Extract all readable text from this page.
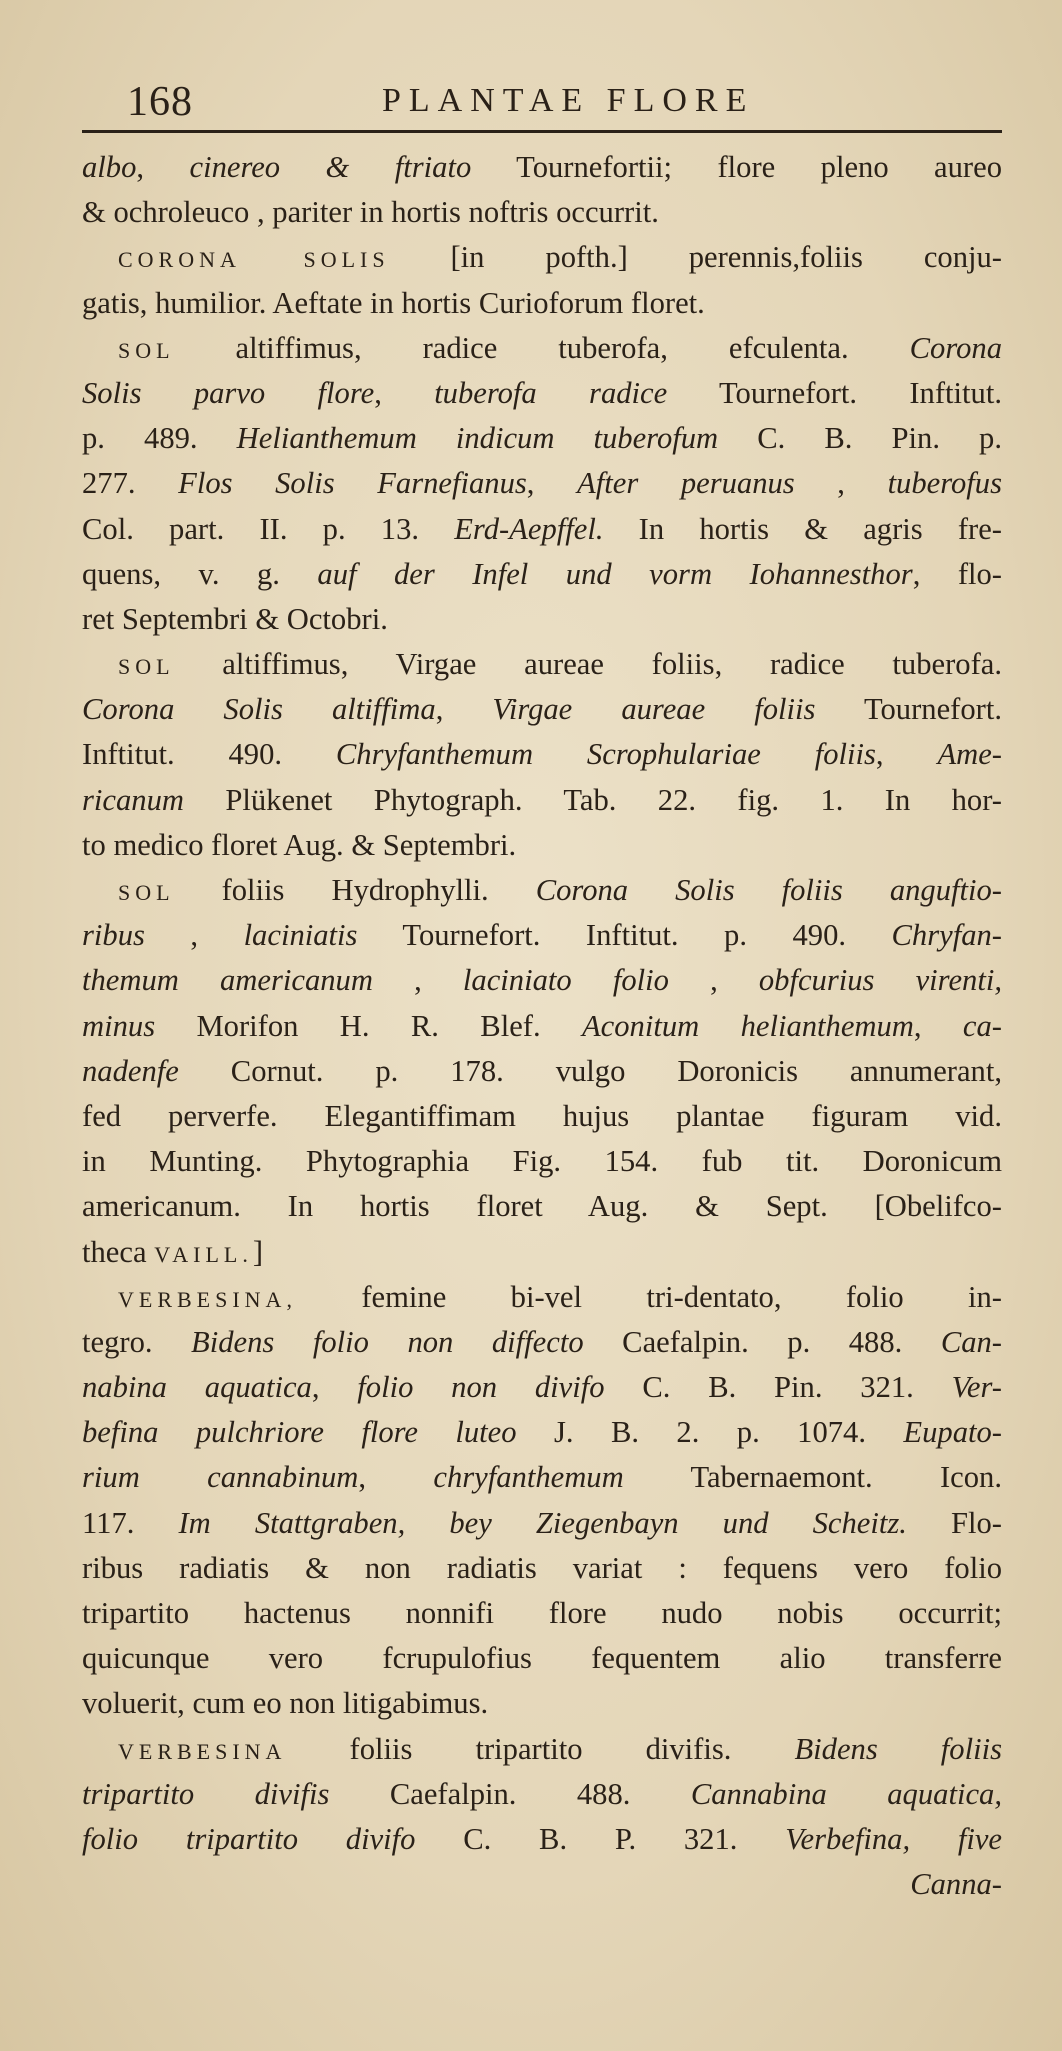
168	PLANTAE FLORE
albo, cinereo & ftriato Tournefortii; flore pleno aureo
& ochroleuco , pariter in hortis noftris occurrit.
CORONA SOLIS [in pofth.] perennis,foliis conju-
gatis, humilior. Aeftate in hortis Curioforum floret.
SOL altiffimus, radice tuberofa, efculenta. Corona
Solis parvo flore, tuberofa radice Tournefort. Inftitut.
p. 489. Helianthemum indicum tuberofum C. B. Pin. p.
277. Flos Solis Farnefianus, After peruanus , tuberofus
Col. part. II. p. 13. Erd-Aepffel. In hortis & agris fre-
quens, v. g. auf der Infel und vorm Iohannesthor, flo-
ret Septembri & Octobri.
SOL altiffimus, Virgae aureae foliis, radice tuberofa.
Corona Solis altiffima, Virgae aureae foliis Tournefort.
Inftitut. 490. Chryfanthemum Scrophulariae foliis, Ame-
ricanum Plükenet Phytograph. Tab. 22. fig. 1. In hor-
to medico floret Aug. & Septembri.
SOL foliis Hydrophylli. Corona Solis foliis anguftio-
ribus , laciniatis Tournefort. Inftitut. p. 490. Chryfan-
themum americanum , laciniato folio , obfcurius virenti,
minus Morifon H. R. Blef. Aconitum helianthemum, ca-
nadenfe Cornut. p. 178. vulgo Doronicis annumerant,
fed perverfe. Elegantiffimam hujus plantae figuram vid.
in Munting. Phytographia Fig. 154. fub tit. Doronicum
americanum. In hortis floret Aug. & Sept. [Obelifco-
theca VAILL.]
VERBESINA, femine bi-vel tri-dentato, folio in-
tegro. Bidens folio non diffecto Caefalpin. p. 488. Can-
nabina aquatica, folio non divifo C. B. Pin. 321. Ver-
befina pulchriore flore luteo J. B. 2. p. 1074. Eupato-
rium cannabinum, chryfanthemum Tabernaemont. Icon.
117. Im Stattgraben, bey Ziegenbayn und Scheitz. Flo-
ribus radiatis & non radiatis variat : fequens vero folio
tripartito hactenus nonnifi flore nudo nobis occurrit;
quicunque vero fcrupulofius fequentem alio transferre
voluerit, cum eo non litigabimus.
VERBESINA foliis tripartito divifis. Bidens foliis
tripartito divifis Caefalpin. 488. Cannabina aquatica,
folio tripartito divifo C. B. P. 321. Verbefina, five
Canna-
